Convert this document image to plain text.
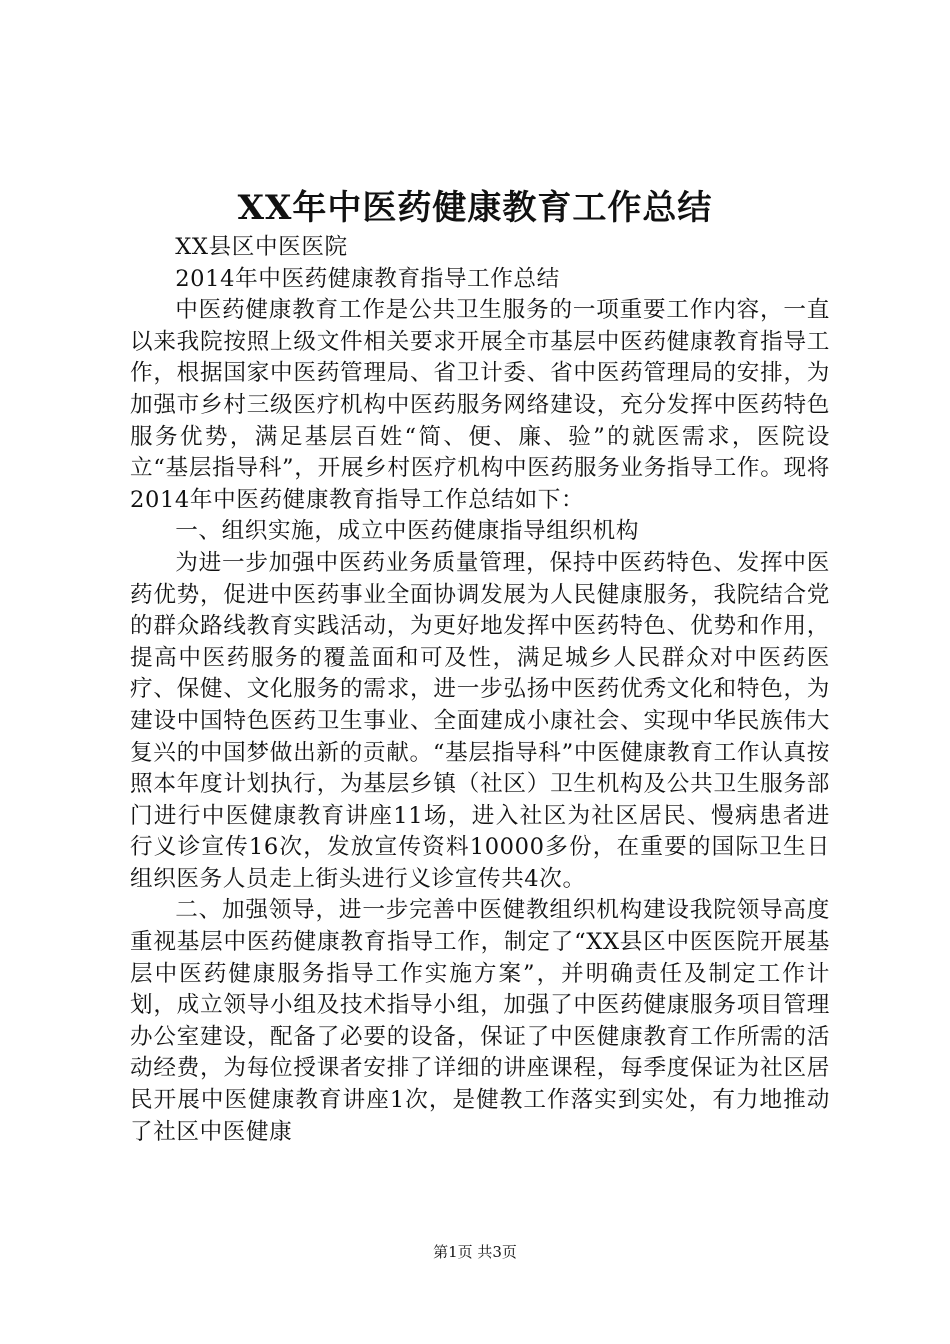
XX年中医药健康教育工作总结

XX县区中医医院

2014年中医药健康教育指导工作总结

中医药健康教育工作是公共卫生服务的一项重要工作内容，一直以来我院按照上级文件相关要求开展全市基层中医药健康教育指导工作，根据国家中医药管理局、省卫计委、省中医药管理局的安排，为加强市乡村三级医疗机构中医药服务网络建设，充分发挥中医药特色服务优势，满足基层百姓“简、便、廉、验”的就医需求，医院设立“基层指导科”，开展乡村医疗机构中医药服务业务指导工作。现将2014年中医药健康教育指导工作总结如下：

一、组织实施，成立中医药健康指导组织机构

为进一步加强中医药业务质量管理，保持中医药特色、发挥中医药优势，促进中医药事业全面协调发展为人民健康服务，我院结合党的群众路线教育实践活动，为更好地发挥中医药特色、优势和作用，提高中医药服务的覆盖面和可及性，满足城乡人民群众对中医药医疗、保健、文化服务的需求，进一步弘扬中医药优秀文化和特色，为建设中国特色医药卫生事业、全面建成小康社会、实现中华民族伟大复兴的中国梦做出新的贡献。“基层指导科”中医健康教育工作认真按照本年度计划执行，为基层乡镇（社区）卫生机构及公共卫生服务部门进行中医健康教育讲座11场，进入社区为社区居民、慢病患者进行义诊宣传16次，发放宣传资料10000多份，在重要的国际卫生日组织医务人员走上街头进行义诊宣传共4次。

二、加强领导，进一步完善中医健教组织机构建设我院领导高度重视基层中医药健康教育指导工作，制定了“XX县区中医医院开展基层中医药健康服务指导工作实施方案”，并明确责任及制定工作计划，成立领导小组及技术指导小组，加强了中医药健康服务项目管理办公室建设，配备了必要的设备，保证了中医健康教育工作所需的活动经费，为每位授课者安排了详细的讲座课程，每季度保证为社区居民开展中医健康教育讲座1次，是健教工作落实到实处，有力地推动了社区中医健康

第1页 共3页
